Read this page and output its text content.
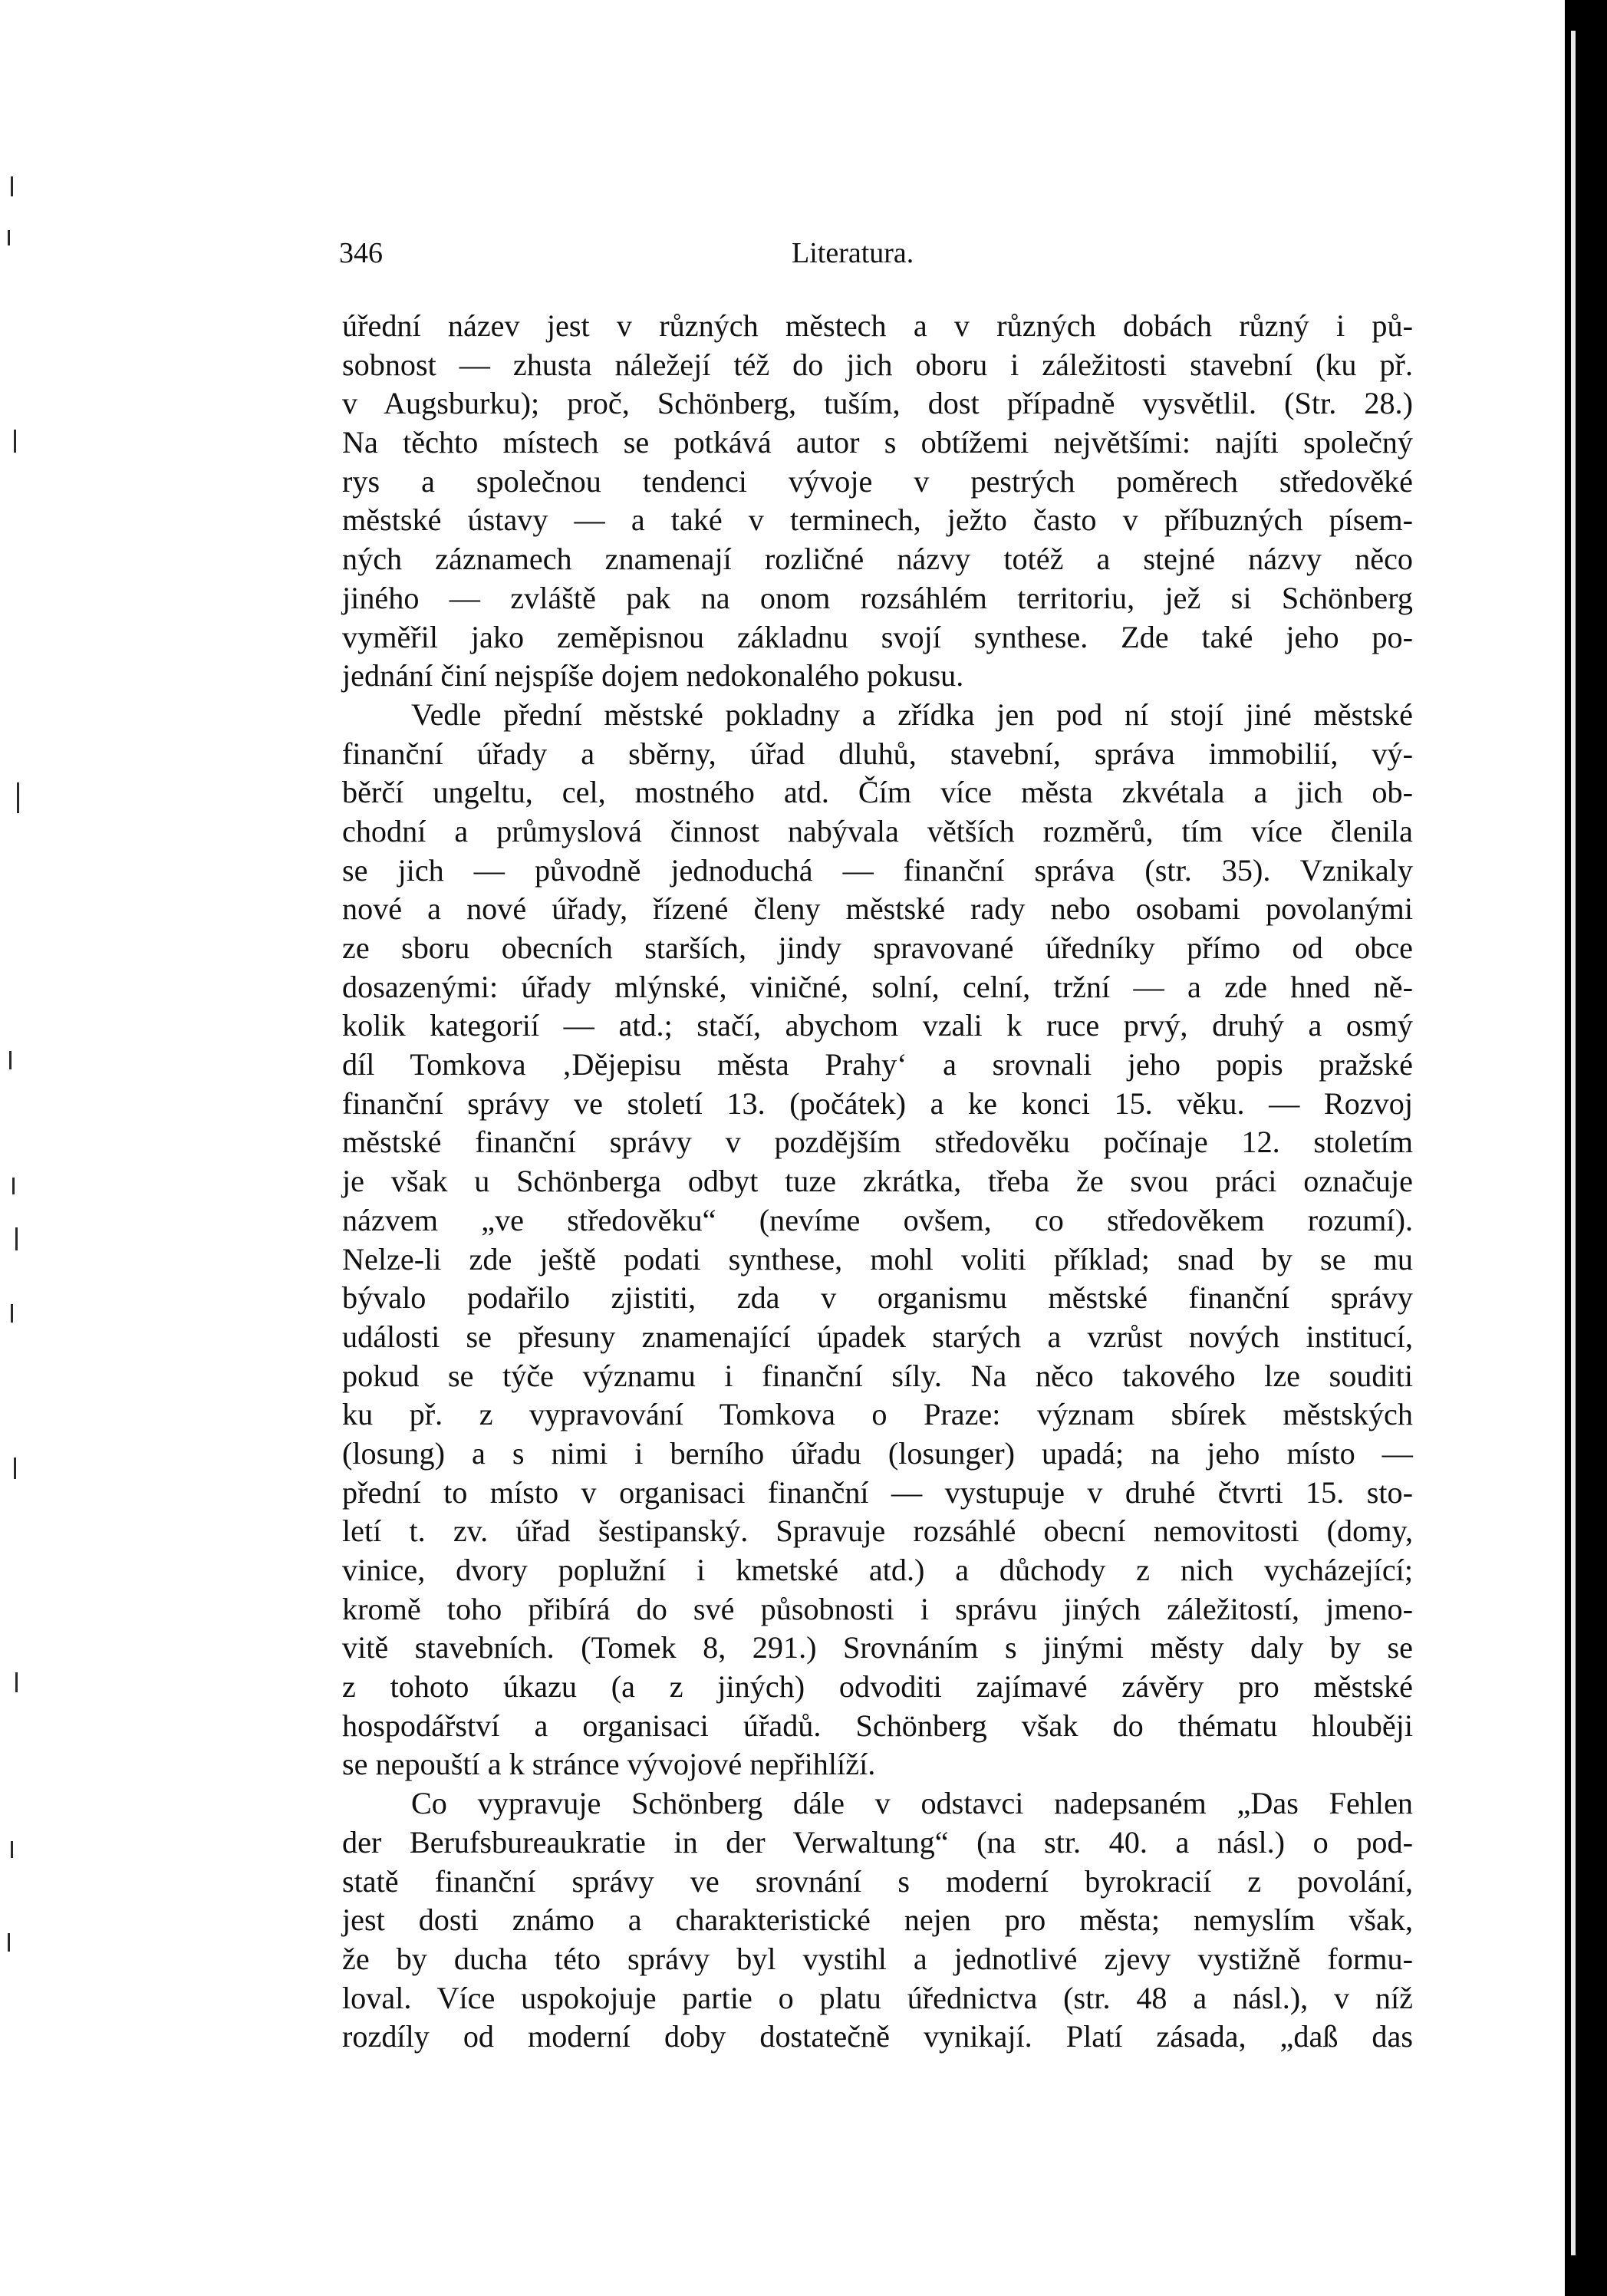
346	Literatura.
úřední název jest v různých městech a v různých dobách různý i pů-
sobnost — zhusta náležejí též do jich oboru i záležitosti stavební (ku př.
v Augsburku); proč, Schönberg, tuším, dost případně vysvětlil. (Str. 28.)
Na těchto místech se potkává autor s obtížemi největšími: najíti společný
rys a společnou tendenci vývoje v pestrých poměrech středověké
městské ústavy — a také v terminech, ježto často v příbuzných písem-
ných záznamech znamenají rozličné názvy totéž a stejné názvy něco
jiného — zvláště pak na onom rozsáhlém territoriu, jež si Schönberg
vyměřil jako zeměpisnou základnu svojí synthese. Zde také jeho po-
jednání činí nejspíše dojem nedokonalého pokusu.
Vedle přední městské pokladny a zřídka jen pod ní stojí jiné městské
finanční úřady a sběrny, úřad dluhů, stavební, správa immobilií, vý-
běrčí ungeltu, cel, mostného atd. Čím více města zkvétala a jich ob-
chodní a průmyslová činnost nabývala větších rozměrů, tím více členila
se jich — původně jednoduchá — finanční správa (str. 35). Vznikaly
nové a nové úřady, řízené členy městské rady nebo osobami povolanými
ze sboru obecních starších, jindy spravované úředníky přímo od obce
dosazenými: úřady mlýnské, viničné, solní, celní, tržní — a zde hned ně-
kolik kategorií — atd.; stačí, abychom vzali k ruce prvý, druhý a osmý
díl Tomkova ‚Dějepisu města Prahy‘ a srovnali jeho popis pražské
finanční správy ve století 13. (počátek) a ke konci 15. věku. — Rozvoj
městské finanční správy v pozdějším středověku počínaje 12. stoletím
je však u Schönberga odbyt tuze zkrátka, třeba že svou práci označuje
názvem „ve středověku“ (nevíme ovšem, co středověkem rozumí).
Nelze-li zde ještě podati synthese, mohl voliti příklad; snad by se mu
bývalo podařilo zjistiti, zda v organismu městské finanční správy
události se přesuny znamenající úpadek starých a vzrůst nových institucí,
pokud se týče významu i finanční síly. Na něco takového lze souditi
ku př. z vypravování Tomkova o Praze: význam sbírek městských
(losung) a s nimi i berního úřadu (losunger) upadá; na jeho místo —
přední to místo v organisaci finanční — vystupuje v druhé čtvrti 15. sto-
letí t. zv. úřad šestipanský. Spravuje rozsáhlé obecní nemovitosti (domy,
vinice, dvory poplužní i kmetské atd.) a důchody z nich vycházející;
kromě toho přibírá do své působnosti i správu jiných záležitostí, jmeno-
vitě stavebních. (Tomek 8, 291.) Srovnáním s jinými městy daly by se
z tohoto úkazu (a z jiných) odvoditi zajímavé závěry pro městské
hospodářství a organisaci úřadů. Schönberg však do thématu hlouběji
se nepouští a k stránce vývojové nepřihlíží.
Co vypravuje Schönberg dále v odstavci nadepsaném „Das Fehlen
der Berufsbureaukratie in der Verwaltung“ (na str. 40. a násl.) o pod-
statě finanční správy ve srovnání s moderní byrokracií z povolání,
jest dosti známo a charakteristické nejen pro města; nemyslím však,
že by ducha této správy byl vystihl a jednotlivé zjevy vystižně formu-
loval. Více uspokojuje partie o platu úřednictva (str. 48 a násl.), v níž
rozdíly od moderní doby dostatečně vynikají. Platí zásada, „daß das
